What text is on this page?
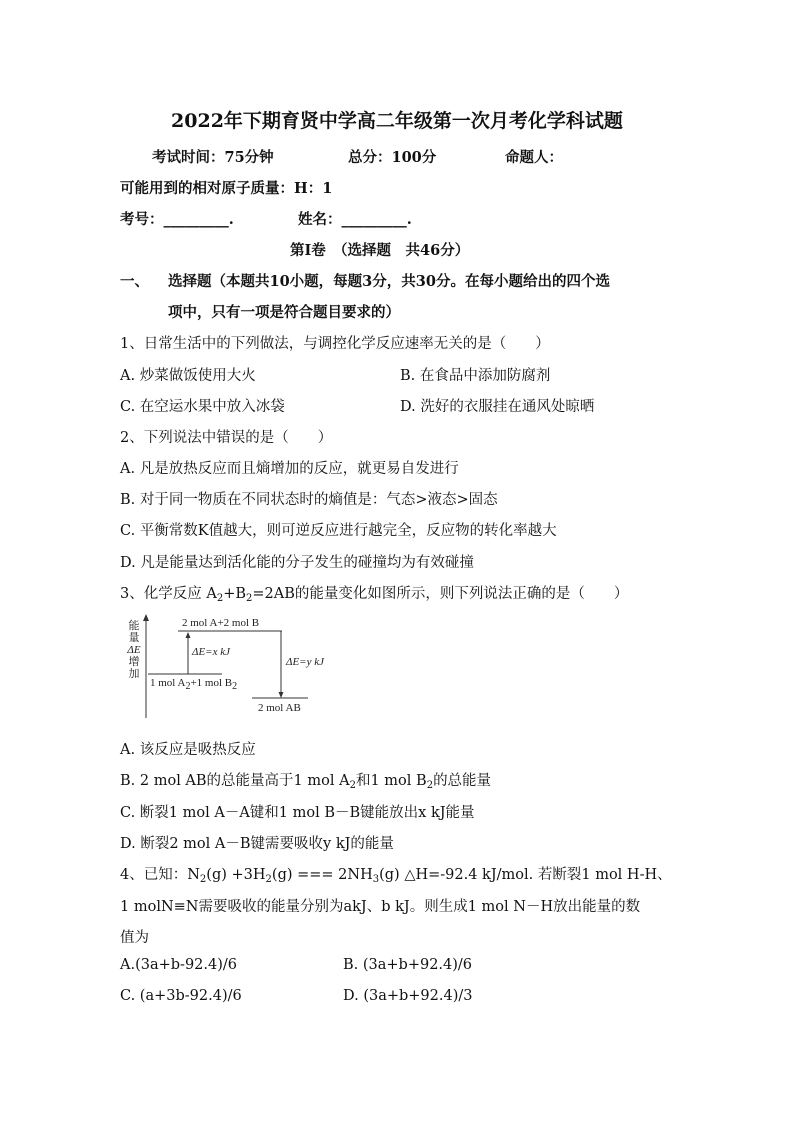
2022年下期育贤中学高二年级第一次月考化学科试题
考试时间：75分钟	总分：100分	命题人：
可能用到的相对原子质量：H：1
考号：_________.	姓名：_________.
第Ⅰ卷　（选择题　共46分）
一、 选择题（本题共10小题，每题3分，共30分。在每小题给出的四个选
项中，只有一项是符合题目要求的）
1、日常生活中的下列做法，与调控化学反应速率无关的是（　　）
A. 炒菜做饭使用大火	B. 在食品中添加防腐剂
C. 在空运水果中放入冰袋	D. 洗好的衣服挂在通风处晾晒
2、下列说法中错误的是（　　）
A. 凡是放热反应而且熵增加的反应，就更易自发进行
B. 对于同一物质在不同状态时的熵值是：气态>液态>固态
C. 平衡常数K值越大，则可逆反应进行越完全，反应物的转化率越大
D. 凡是能量达到活化能的分子发生的碰撞均为有效碰撞
3、化学反应 $A_2+B_2=2AB$的能量变化如图所示，则下列说法正确的是（　　）
能
量
ΔE
增
加
2 mol A+2 mol B
ΔE=x kJ
ΔE=y kJ
1 mol $A_2+1$ mol $B_2$
2 mol AB
A. 该反应是吸热反应
B. 2 mol AB的总能量高于1 mol $A_2$和1 mol $B_2$的总能量
C. 断裂1 mol A－A键和1 mol B－B键能放出x kJ能量
D. 断裂2 mol A－B键需要吸收y kJ的能量
4、已知：$N_2(g) +3H_2(g)$ === $2NH_3(g)$ △H=-92.4 kJ/mol. 若断裂1 mol H-H、
1 molN≡N需要吸收的能量分别为akJ、b kJ。则生成1 mol N－H放出能量的数
值为
A.(3a+b-92.4)/6	B. (3a+b+92.4)/6
C. (a+3b-92.4)/6	D. (3a+b+92.4)/3
